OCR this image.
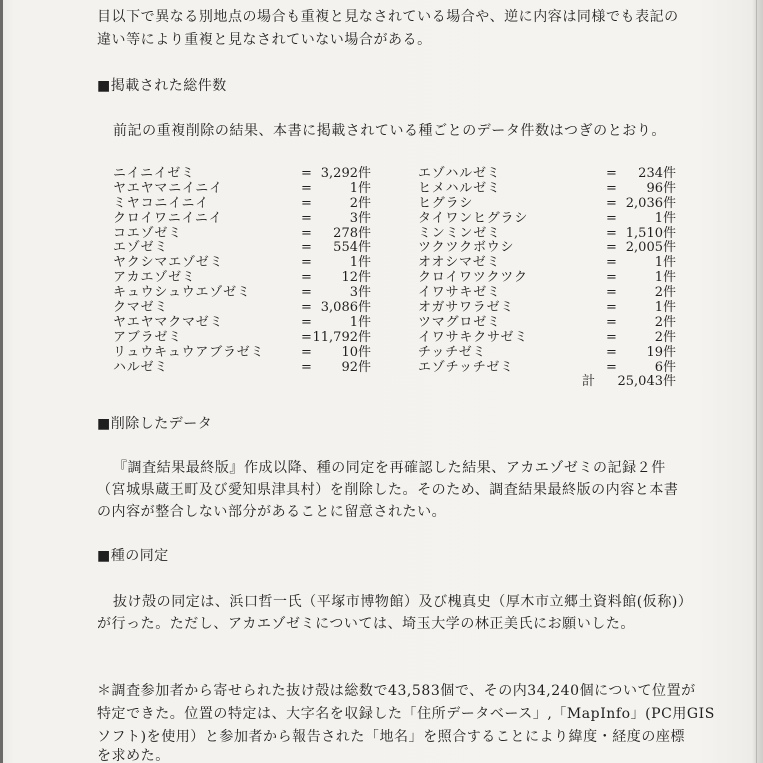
目以下で異なる別地点の場合も重複と見なされている場合や、逆に内容は同様でも表記の
違い等により重複と見なされていない場合がある。
■掲載された総件数
前記の重複削除の結果、本書に掲載されている種ごとのデータ件数はつぎのとおり。
ニイニイゼミ	= 3,292件
ヤエヤマニイニイ	=	1件
ミヤコニイニイ	=	2件
クロイワニイニイ	=	3件
コエゾゼミ	=	278件
エゾゼミ	=	554件
ヤクシマエゾゼミ	=	1件
アカエゾゼミ	=	12件
キュウシュウエゾゼミ	=	3件
クマゼミ	= 3,086件
ヤエヤマクマゼミ	=	1件
アブラゼミ	= 11,792件
リュウキュウアブラゼミ	=	10件
ハルゼミ	=	92件
エゾハルゼミ	=	234件
ヒメハルゼミ	=	96件
ヒグラシ	= 2,036件
タイワンヒグラシ	=	1件
ミンミンゼミ	= 1,510件
ツクツクボウシ	= 2,005件
オオシマゼミ	=	1件
クロイワツクツク	=	1件
イワサキゼミ	=	2件
オガサワラゼミ	=	1件
ツマグロゼミ	=	2件
イワサキクサゼミ	=	2件
チッチゼミ	=	19件
エゾチッチゼミ	=	6件
計 25,043件
■削除したデータ
『調査結果最終版』作成以降、種の同定を再確認した結果、アカエゾゼミの記録２件
（宮城県蔵王町及び愛知県津具村）を削除した。そのため、調査結果最終版の内容と本書
の内容が整合しない部分があることに留意されたい。
■種の同定
抜け殻の同定は、浜口哲一氏（平塚市博物館）及び槐真史（厚木市立郷土資料館(仮称)）
が行った。ただし、アカエゾゼミについては、埼玉大学の林正美氏にお願いした。
＊調査参加者から寄せられた抜け殻は総数で43,583個で、その内34,240個について位置が
特定できた。位置の特定は、大字名を収録した「住所データベース」,「MapInfo」(PC用GIS
ソフト)を使用）と参加者から報告された「地名」を照合することにより緯度・経度の座標
を求めた。
